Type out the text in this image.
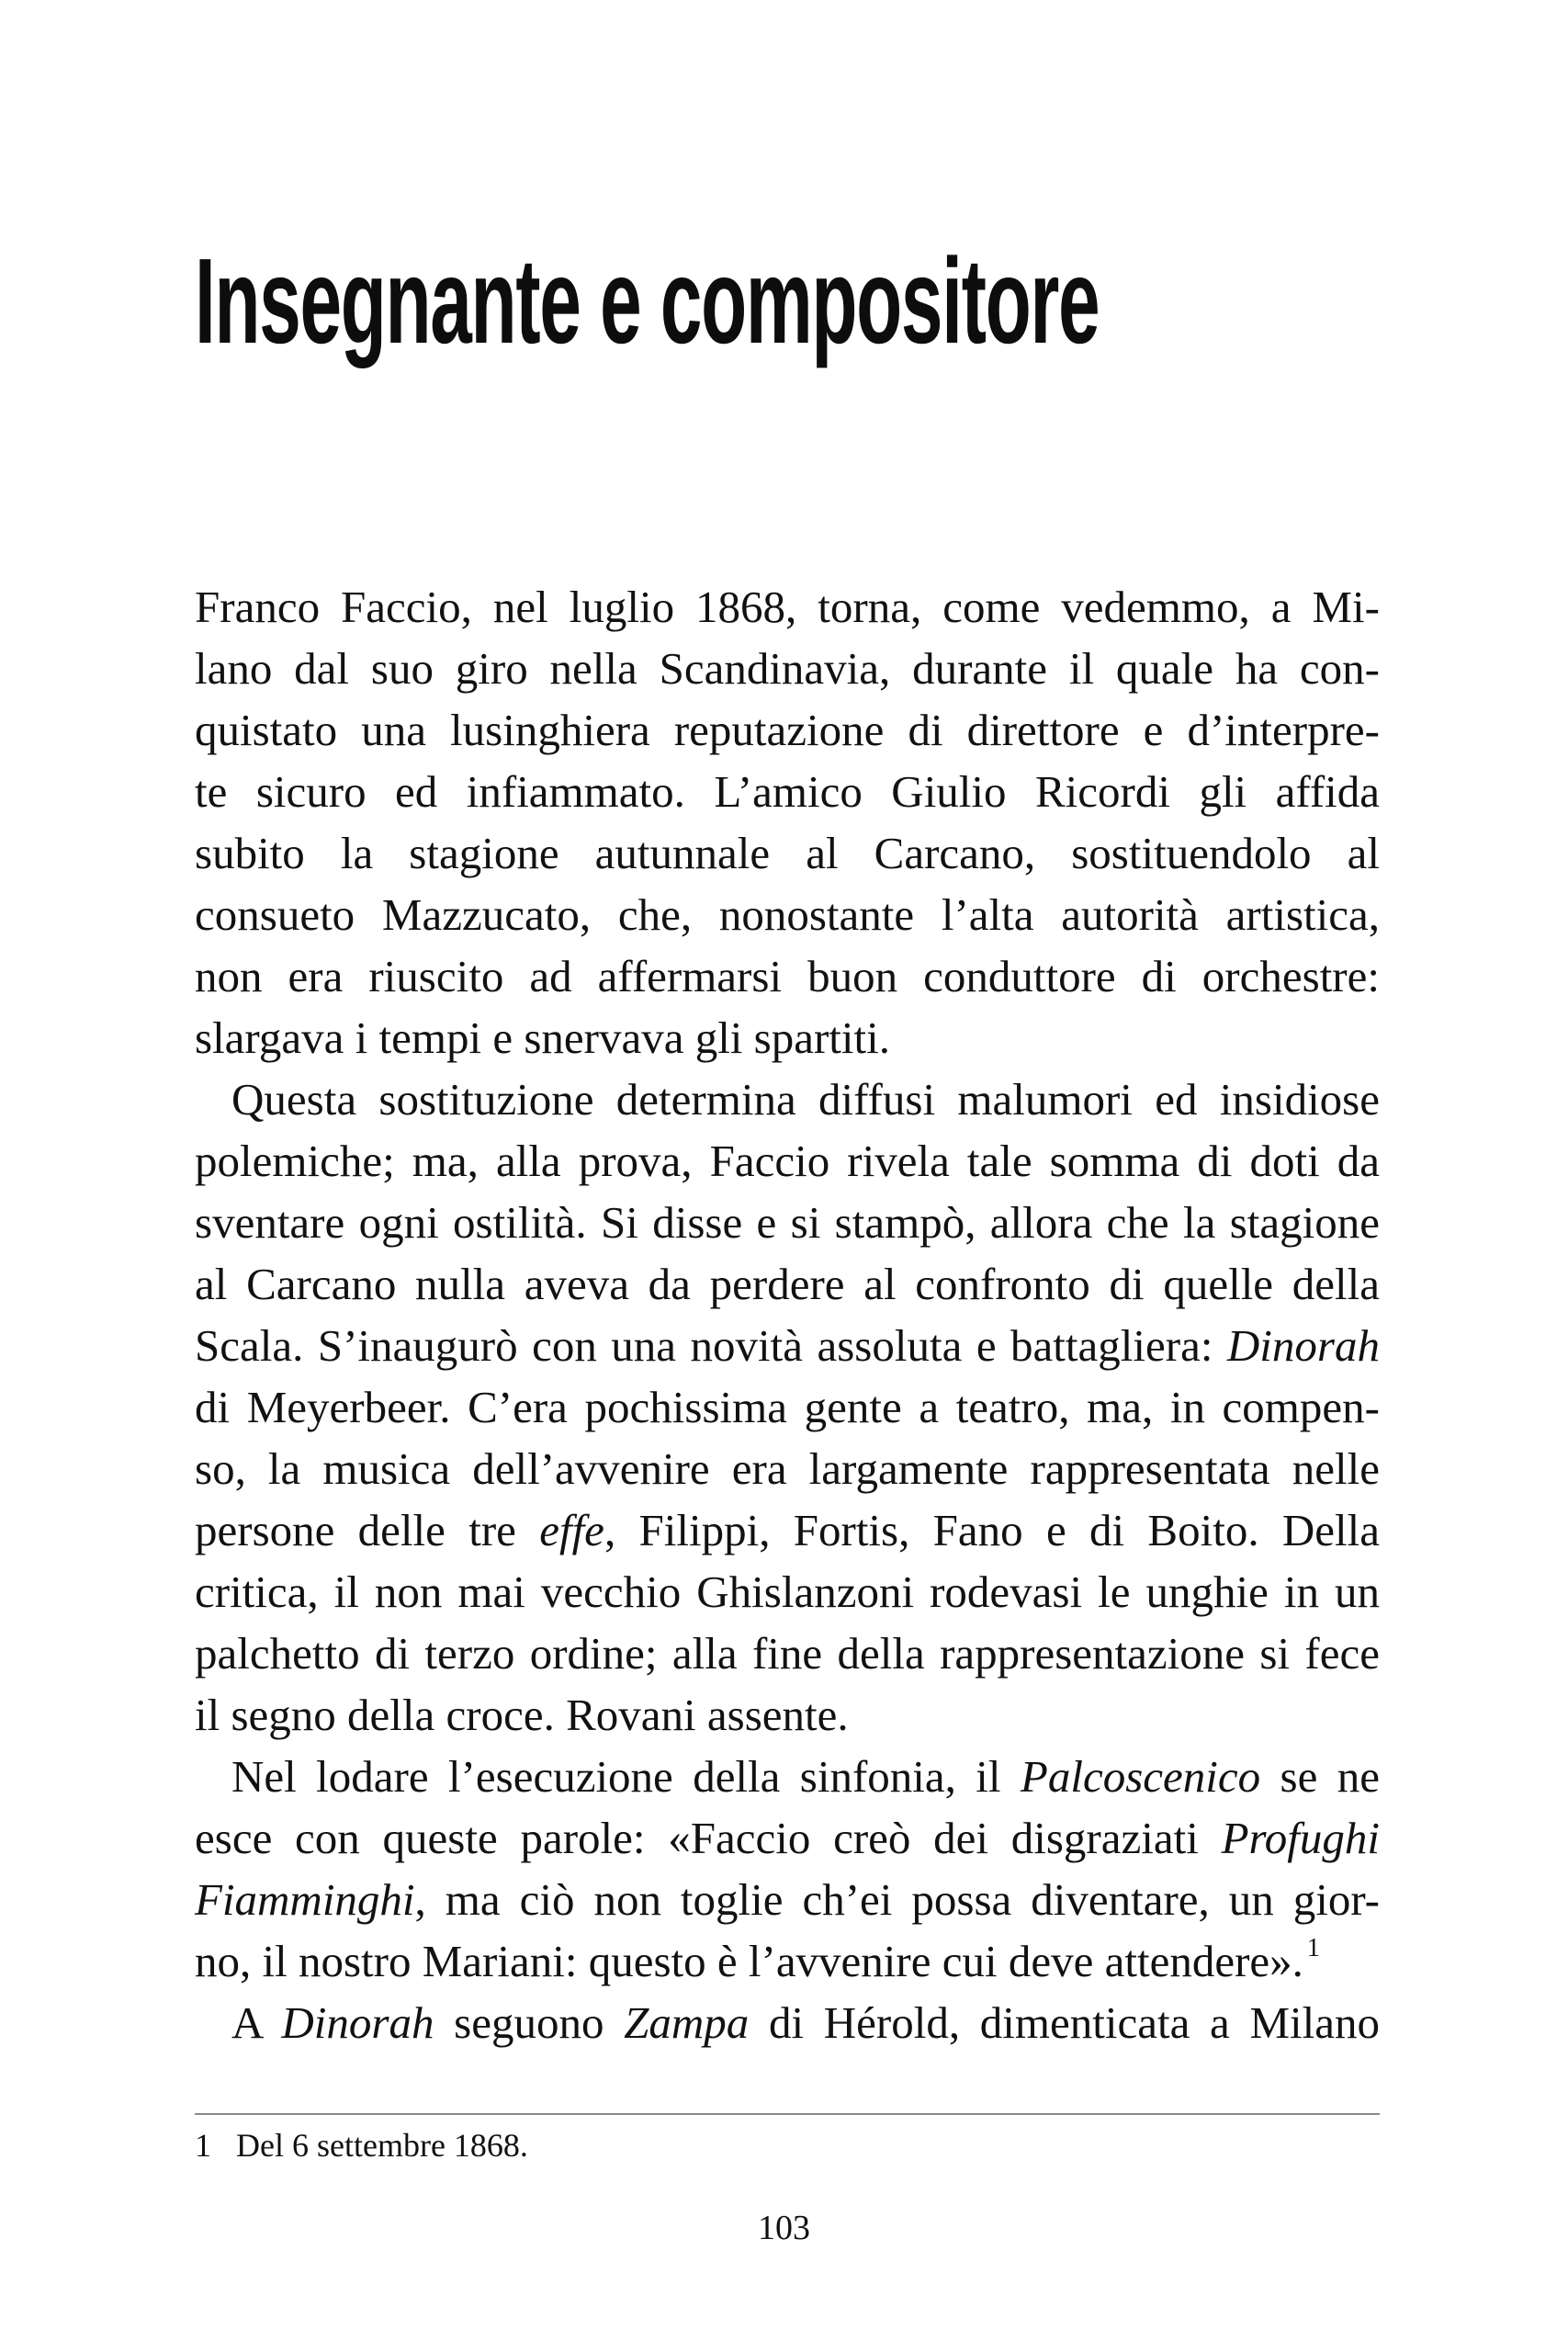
Insegnante e compositore
Franco Faccio, nel luglio 1868, torna, come vedemmo, a Mi-
lano dal suo giro nella Scandinavia, durante il quale ha con-
quistato una lusinghiera reputazione di direttore e d’interpre-
te sicuro ed infiammato. L’amico Giulio Ricordi gli affida
subito la stagione autunnale al Carcano, sostituendolo al
consueto Mazzucato, che, nonostante l’alta autorità artistica,
non era riuscito ad affermarsi buon conduttore di orchestre:
slargava i tempi e snervava gli spartiti.
Questa sostituzione determina diffusi malumori ed insidiose
polemiche; ma, alla prova, Faccio rivela tale somma di doti da
sventare ogni ostilità. Si disse e si stampò, allora che la stagione
al Carcano nulla aveva da perdere al confronto di quelle della
Scala. S’inaugurò con una novità assoluta e battagliera: Dinorah
di Meyerbeer. C’era pochissima gente a teatro, ma, in compen-
so, la musica dell’avvenire era largamente rappresentata nelle
persone delle tre effe, Filippi, Fortis, Fano e di Boito. Della
critica, il non mai vecchio Ghislanzoni rodevasi le unghie in un
palchetto di terzo ordine; alla fine della rappresentazione si fece
il segno della croce. Rovani assente.
Nel lodare l’esecuzione della sinfonia, il Palcoscenico se ne
esce con queste parole: «Faccio creò dei disgraziati Profughi
Fiamminghi, ma ciò non toglie ch’ei possa diventare, un gior-
no, il nostro Mariani: questo è l’avvenire cui deve attendere». $^1$
A Dinorah seguono Zampa di Hérold, dimenticata a Milano
1 Del 6 settembre 1868.
103
